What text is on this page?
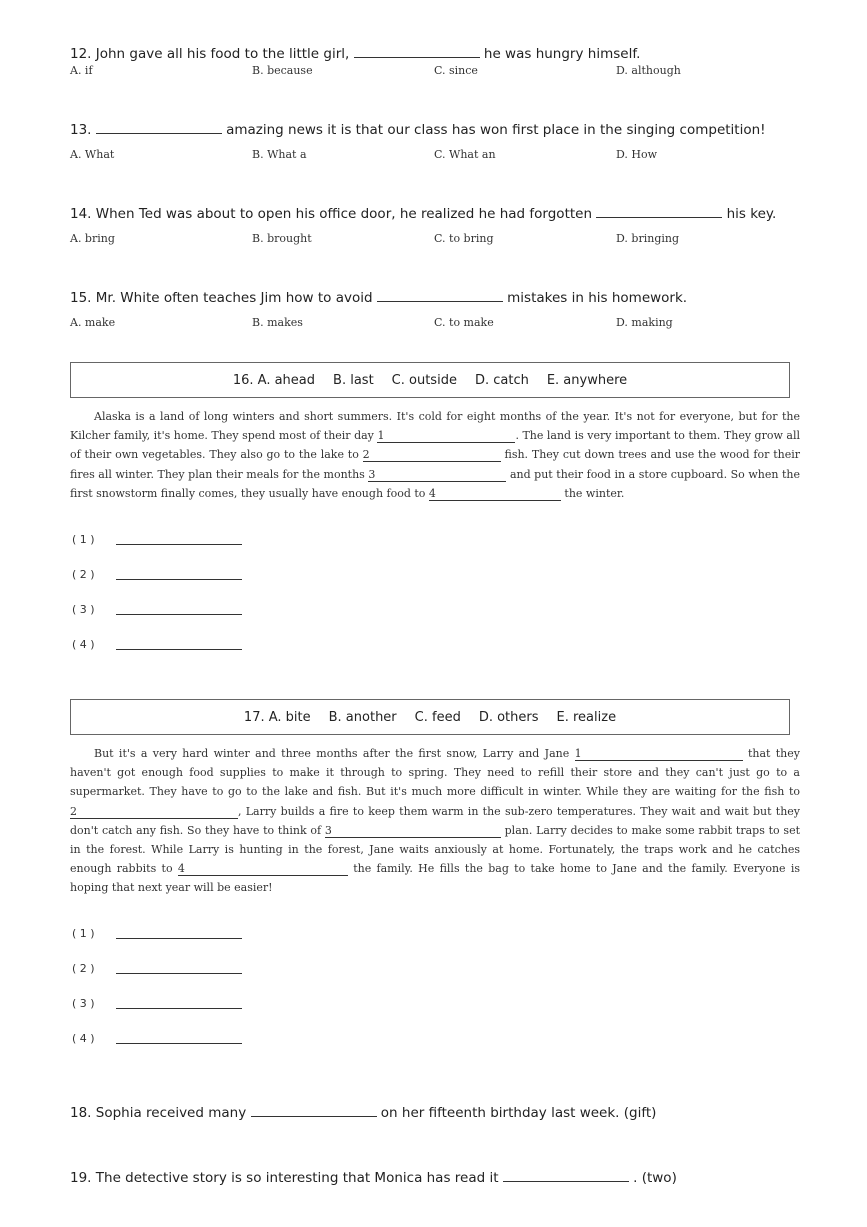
12. John gave all his food to the little girl,	he was hungry himself.
A. if	B. because	C. since	D. although
13.	amazing news it is that our class has won first place in the singing competition!
A. What	B. What a	C. What an	D. How
14. When Ted was about to open his office door, he realized he had forgotten	his key.
A. bring	B. brought	C. to bring	D. bringing
15. Mr. White often teaches Jim how to avoid	mistakes in his homework.
A. make	B. makes	C. to make	D. making
16. A. ahead B. last C. outside D. catch E. anywhere

Alaska is a land of long winters and short summers. It's cold for eight months of the year. It's not for everyone, but for the Kilcher family, it's home. They spend most of their day 1	. The land is very important to them. They grow all of their own vegetables. They also go to the lake to 2	fish. They cut down trees and use the wood for their fires all winter. They plan their meals for the months 3	and put their food in a store cupboard. So when the first snowstorm finally comes, they usually have enough food to 4	the winter.

( 1 )
( 2 )
( 3 )
( 4 )
17. A. bite B. another C. feed D. others E. realize

But it's a very hard winter and three months after the first snow, Larry and Jane 1	that they haven't got enough food supplies to make it through to spring. They need to refill their store and they can't just go to a supermarket. They have to go to the lake and fish. But it's much more difficult in winter. While they are waiting for the fish to 2	, Larry builds a fire to keep them warm in the sub-zero temperatures. They wait and wait but they don't catch any fish. So they have to think of 3	plan. Larry decides to make some rabbit traps to set in the forest. While Larry is hunting in the forest, Jane waits anxiously at home. Fortunately, the traps work and he catches enough rabbits to 4	the family. He fills the bag to take home to Jane and the family. Everyone is hoping that next year will be easier!

( 1 )
( 2 )
( 3 )
( 4 )
18. Sophia received many	on her fifteenth birthday last week. (gift)
19. The detective story is so interesting that Monica has read it	. (two)
